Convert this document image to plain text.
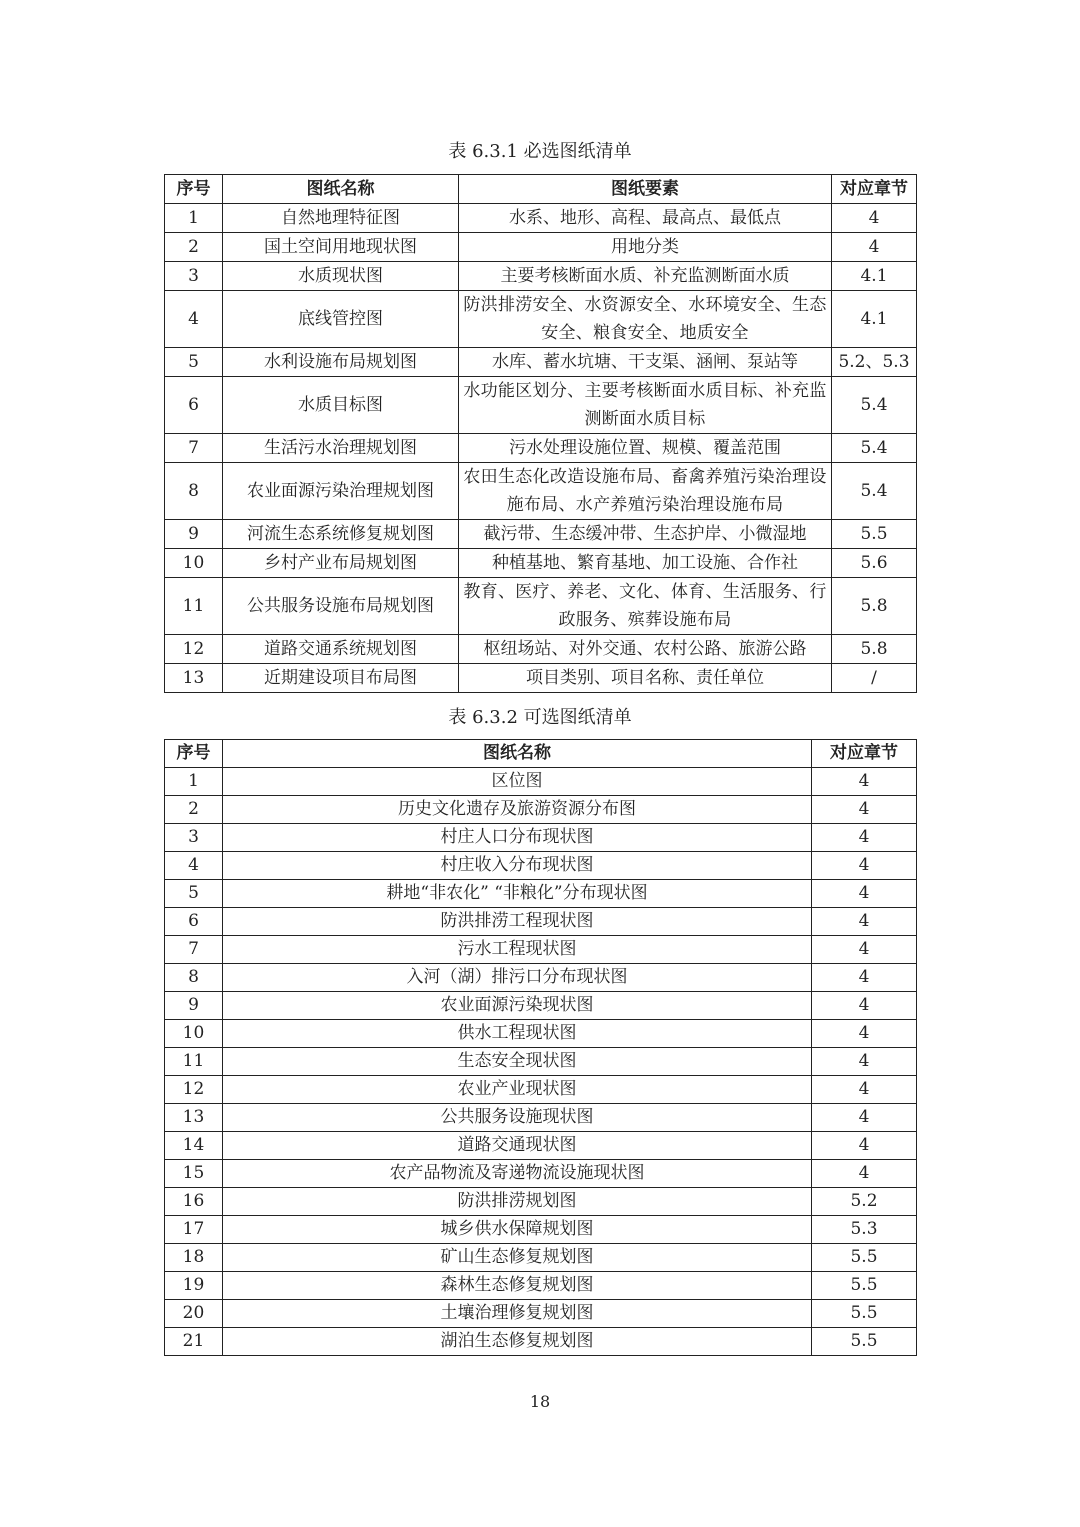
表 6.3.1 必选图纸清单
序号	图纸名称	图纸要素	对应章节
1	自然地理特征图	水系、地形、高程、最高点、最低点	4
2	国土空间用地现状图	用地分类	4
3	水质现状图	主要考核断面水质、补充监测断面水质	4.1
4	底线管控图	防洪排涝安全、水资源安全、水环境安全、生态安全、粮食安全、地质安全	4.1
5	水利设施布局规划图	水库、蓄水坑塘、干支渠、涵闸、泵站等	5.2、5.3
6	水质目标图	水功能区划分、主要考核断面水质目标、补充监测断面水质目标	5.4
7	生活污水治理规划图	污水处理设施位置、规模、覆盖范围	5.4
8	农业面源污染治理规划图	农田生态化改造设施布局、畜禽养殖污染治理设施布局、水产养殖污染治理设施布局	5.4
9	河流生态系统修复规划图	截污带、生态缓冲带、生态护岸、小微湿地	5.5
10	乡村产业布局规划图	种植基地、繁育基地、加工设施、合作社	5.6
11	公共服务设施布局规划图	教育、医疗、养老、文化、体育、生活服务、行政服务、殡葬设施布局	5.8
12	道路交通系统规划图	枢纽场站、对外交通、农村公路、旅游公路	5.8
13	近期建设项目布局图	项目类别、项目名称、责任单位	/
表 6.3.2 可选图纸清单
序号	图纸名称	对应章节
1	区位图	4
2	历史文化遗存及旅游资源分布图	4
3	村庄人口分布现状图	4
4	村庄收入分布现状图	4
5	耕地“非农化” “非粮化”分布现状图	4
6	防洪排涝工程现状图	4
7	污水工程现状图	4
8	入河（湖）排污口分布现状图	4
9	农业面源污染现状图	4
10	供水工程现状图	4
11	生态安全现状图	4
12	农业产业现状图	4
13	公共服务设施现状图	4
14	道路交通现状图	4
15	农产品物流及寄递物流设施现状图	4
16	防洪排涝规划图	5.2
17	城乡供水保障规划图	5.3
18	矿山生态修复规划图	5.5
19	森林生态修复规划图	5.5
20	土壤治理修复规划图	5.5
21	湖泊生态修复规划图	5.5
18
